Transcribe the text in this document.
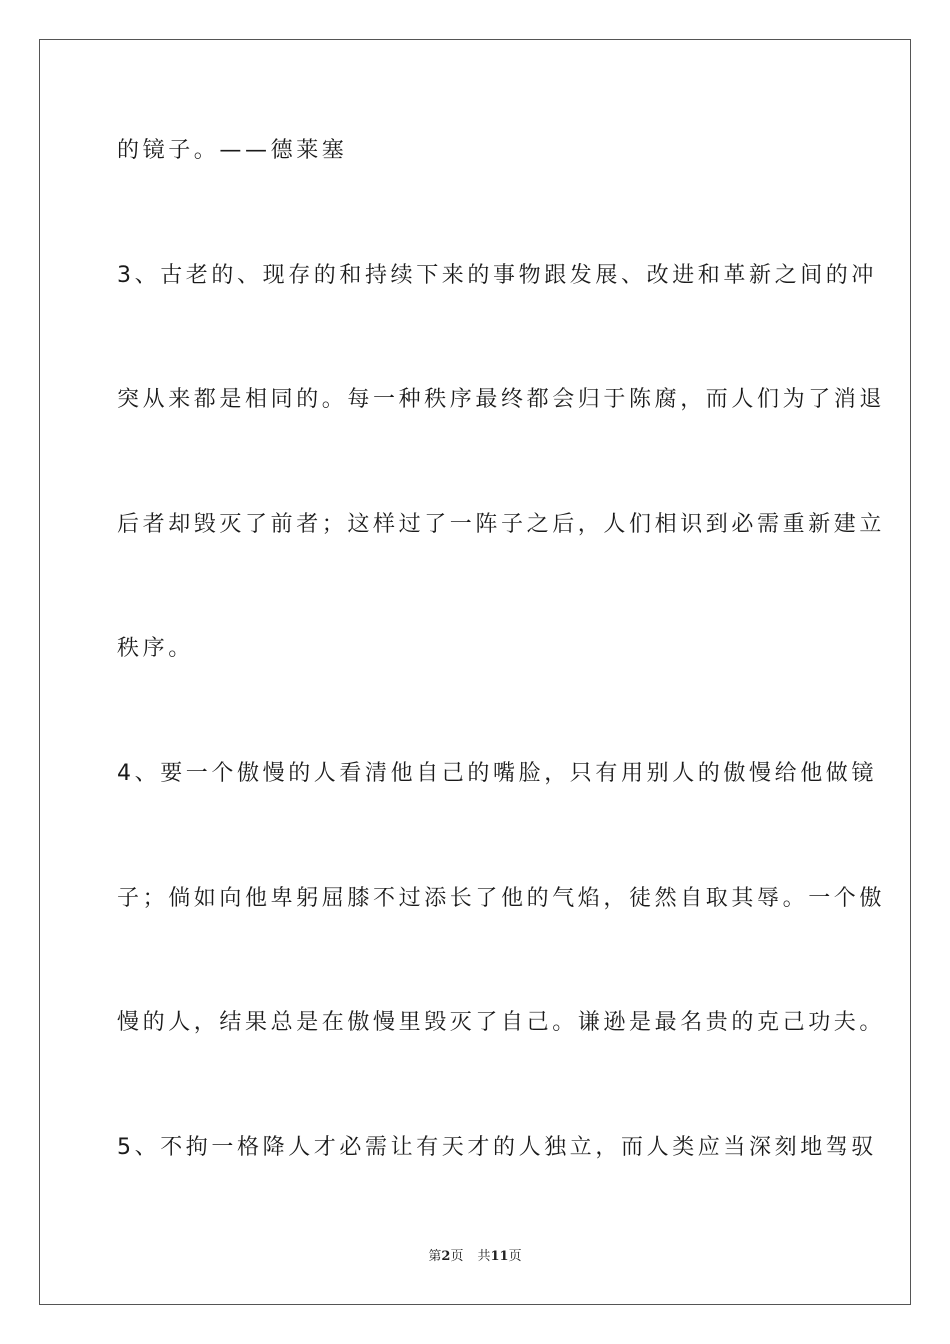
的镜子。——德莱塞
3、古老的、现存的和持续下来的事物跟发展、改进和革新之间的冲
突从来都是相同的。每一种秩序最终都会归于陈腐，而人们为了消退
后者却毁灭了前者；这样过了一阵子之后，人们相识到必需重新建立
秩序。
4、要一个傲慢的人看清他自己的嘴脸，只有用别人的傲慢给他做镜
子；倘如向他卑躬屈膝不过添长了他的气焰，徒然自取其辱。一个傲
慢的人，结果总是在傲慢里毁灭了自己。谦逊是最名贵的克己功夫。
5、不拘一格降人才必需让有天才的人独立，而人类应当深刻地驾驭
第2页 共11页
